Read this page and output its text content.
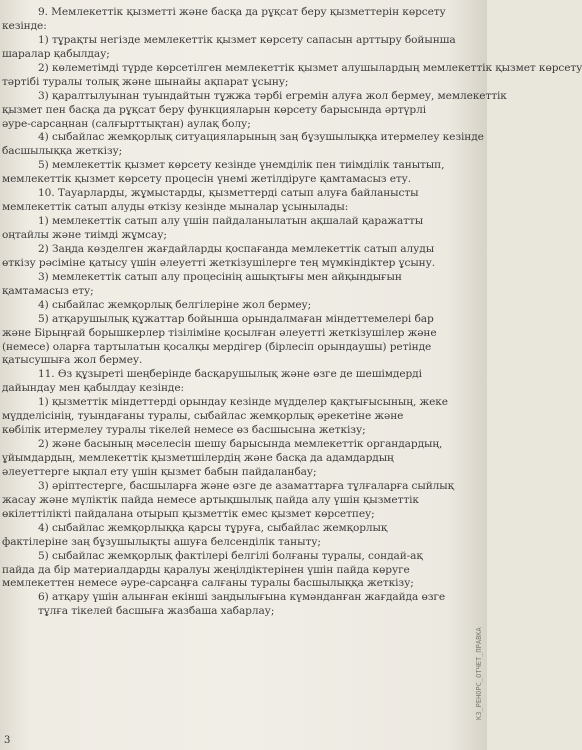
9. Мемлекеттік қызметті және басқа да рұқсат беру қызметтерін көрсету
кезінде:
1) тұрақты негізде мемлекеттік қызмет көрсету сапасын арттыру бойынша
шаралар қабылдау;
2) көлеметімді түрде көрсетілген мемлекеттік қызмет алушылардың мемлекеттік қызмет көрсету
тәртібі туралы толық және шынайы ақпарат ұсыну;
3) қаралтылуынан туындайтын тұжжа тәрбі егремін алуға жол бермеу, мемлекеттік
қызмет пен басқа да рұқсат беру функцияларын көрсету барысында әртүрлі
әуре-сарсаңнан (салғырттықтан) аулақ болу;
4) сыбайлас жемқорлық ситуацияларының заң бұзушылыққа итермелеу кезінде
басшылыққа жеткізу;
5) мемлекеттік қызмет көрсету кезінде үнемділік пен тиімділік танытып,
мемлекеттік қызмет көрсету процесін үнемі жетілдіруге қамтамасыз ету.
10. Тауарларды, жұмыстарды, қызметтерді сатып алуға байланысты
мемлекеттік сатып алуды өткізу кезінде мыналар ұсынылады:
1) мемлекеттік сатып алу үшін пайдаланылатын ақшалай қаражатты
оңтайлы және тиімді жұмсау;
2) Заңда көзделген жағдайларды қоспағанда мемлекеттік сатып алуды
өткізу рәсіміне қатысу үшін әлеуетті жеткізушілерге тең мүмкіндіктер ұсыну.
3) мемлекеттік сатып алу процесінің ашықтығы мен айқындығын
қамтамасыз ету;
4) сыбайлас жемқорлық белгілеріне жол бермеу;
5) атқарушылық құжаттар бойынша орындалмаған міндеттемелері бар
және Бірыңғай борышкерлер тізіліміне қосылған әлеуетті жеткізушілер және
(немесе) оларға тартылатын қосалқы мердігер (бірлесіп орындаушы) ретінде
қатысушыға жол бермеу.
11. Өз құзыреті шеңберінде басқарушылық және өзге де шешімдерді
дайындау мен қабылдау кезінде:
1) қызметтік міндеттерді орындау кезінде мүдделер қақтығысының, жеке
мүдделісінің, туындағаны туралы, сыбайлас жемқорлық әрекетіне және
көбілік итермелеу туралы тікелей немесе өз басшысына жеткізу;
2) және басының мәселесін шешу барысында мемлекеттік органдардың,
ұйымдардың, мемлекеттік қызметшілердің және басқа да адамдардың
әлеуеттерге ықпал ету үшін қызмет бабын пайдаланбау;
3) әріптестерге, басшыларға және өзге де азаматтарға тұлғаларға сыйлық
жасау және мүліктік пайда немесе артықшылық пайда алу үшін қызметтік
өкілеттілікті пайдалана отырып қызметтік емес қызмет көрсетпеу;
4) сыбайлас жемқорлыққа қарсы тұруға, сыбайлас жемқорлық
фактілеріне заң бұзушылықты ашуға белсенділік таныту;
5) сыбайлас жемқорлық фактілері белгілі болғаны туралы, сондай-ақ
пайда да бір материалдарды қаралуы жеңілдіктерінен үшін пайда көруге
мемлекеттен немесе әуре-сарсаңға салғаны туралы басшылыққа жеткізу;
6) атқару үшін алынған екінші заңдылығына күмәнданған жағдайда өзге
тұлға тікелей басшыға жазбаша хабарлау;
КЗ_РЕНОРС_ОТЧЕТ_ПРАВКА
3
